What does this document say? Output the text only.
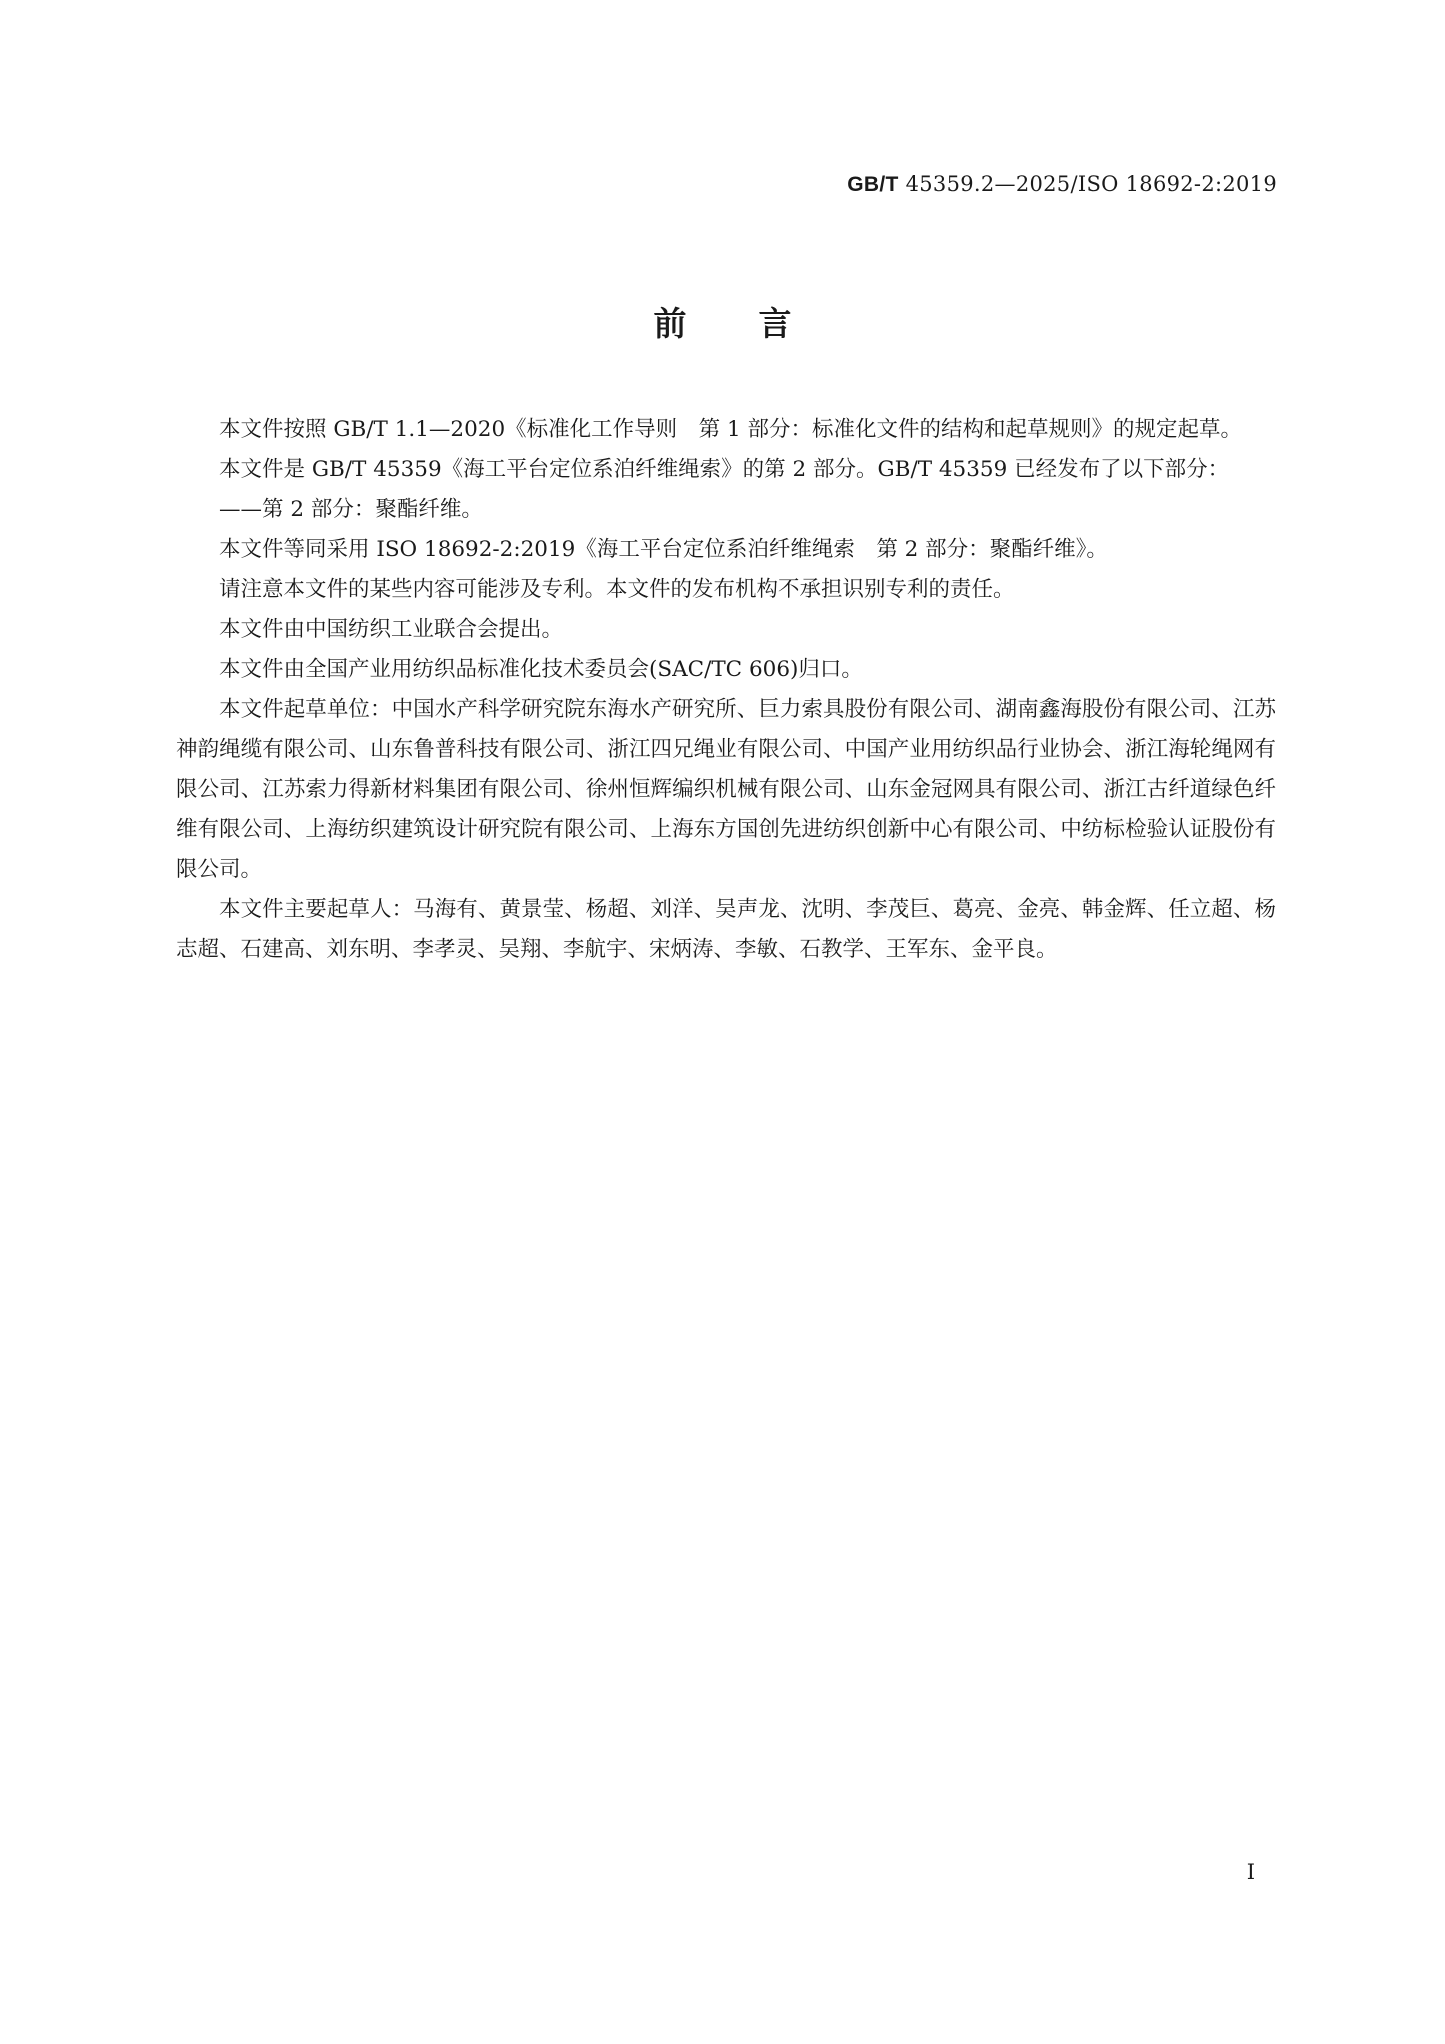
GB/T 45359.2—2025/ISO 18692-2:2019
前言

本文件按照 GB/T 1.1—2020《标准化工作导则　第 1 部分：标准化文件的结构和起草规则》的规定起草。

本文件是 GB/T 45359《海工平台定位系泊纤维绳索》的第 2 部分。GB/T 45359 已经发布了以下部分：

——第 2 部分：聚酯纤维。

本文件等同采用 ISO 18692-2:2019《海工平台定位系泊纤维绳索　第 2 部分：聚酯纤维》。

请注意本文件的某些内容可能涉及专利。本文件的发布机构不承担识别专利的责任。

本文件由中国纺织工业联合会提出。

本文件由全国产业用纺织品标准化技术委员会(SAC/TC 606)归口。

本文件起草单位：中国水产科学研究院东海水产研究所、巨力索具股份有限公司、湖南鑫海股份有限公司、江苏神韵绳缆有限公司、山东鲁普科技有限公司、浙江四兄绳业有限公司、中国产业用纺织品行业协会、浙江海轮绳网有限公司、江苏索力得新材料集团有限公司、徐州恒辉编织机械有限公司、山东金冠网具有限公司、浙江古纤道绿色纤维有限公司、上海纺织建筑设计研究院有限公司、上海东方国创先进纺织创新中心有限公司、中纺标检验认证股份有限公司。

本文件主要起草人：马海有、黄景莹、杨超、刘洋、吴声龙、沈明、李茂巨、葛亮、金亮、韩金辉、任立超、杨志超、石建高、刘东明、李孝灵、吴翔、李航宇、宋炳涛、李敏、石教学、王军东、金平良。

I
